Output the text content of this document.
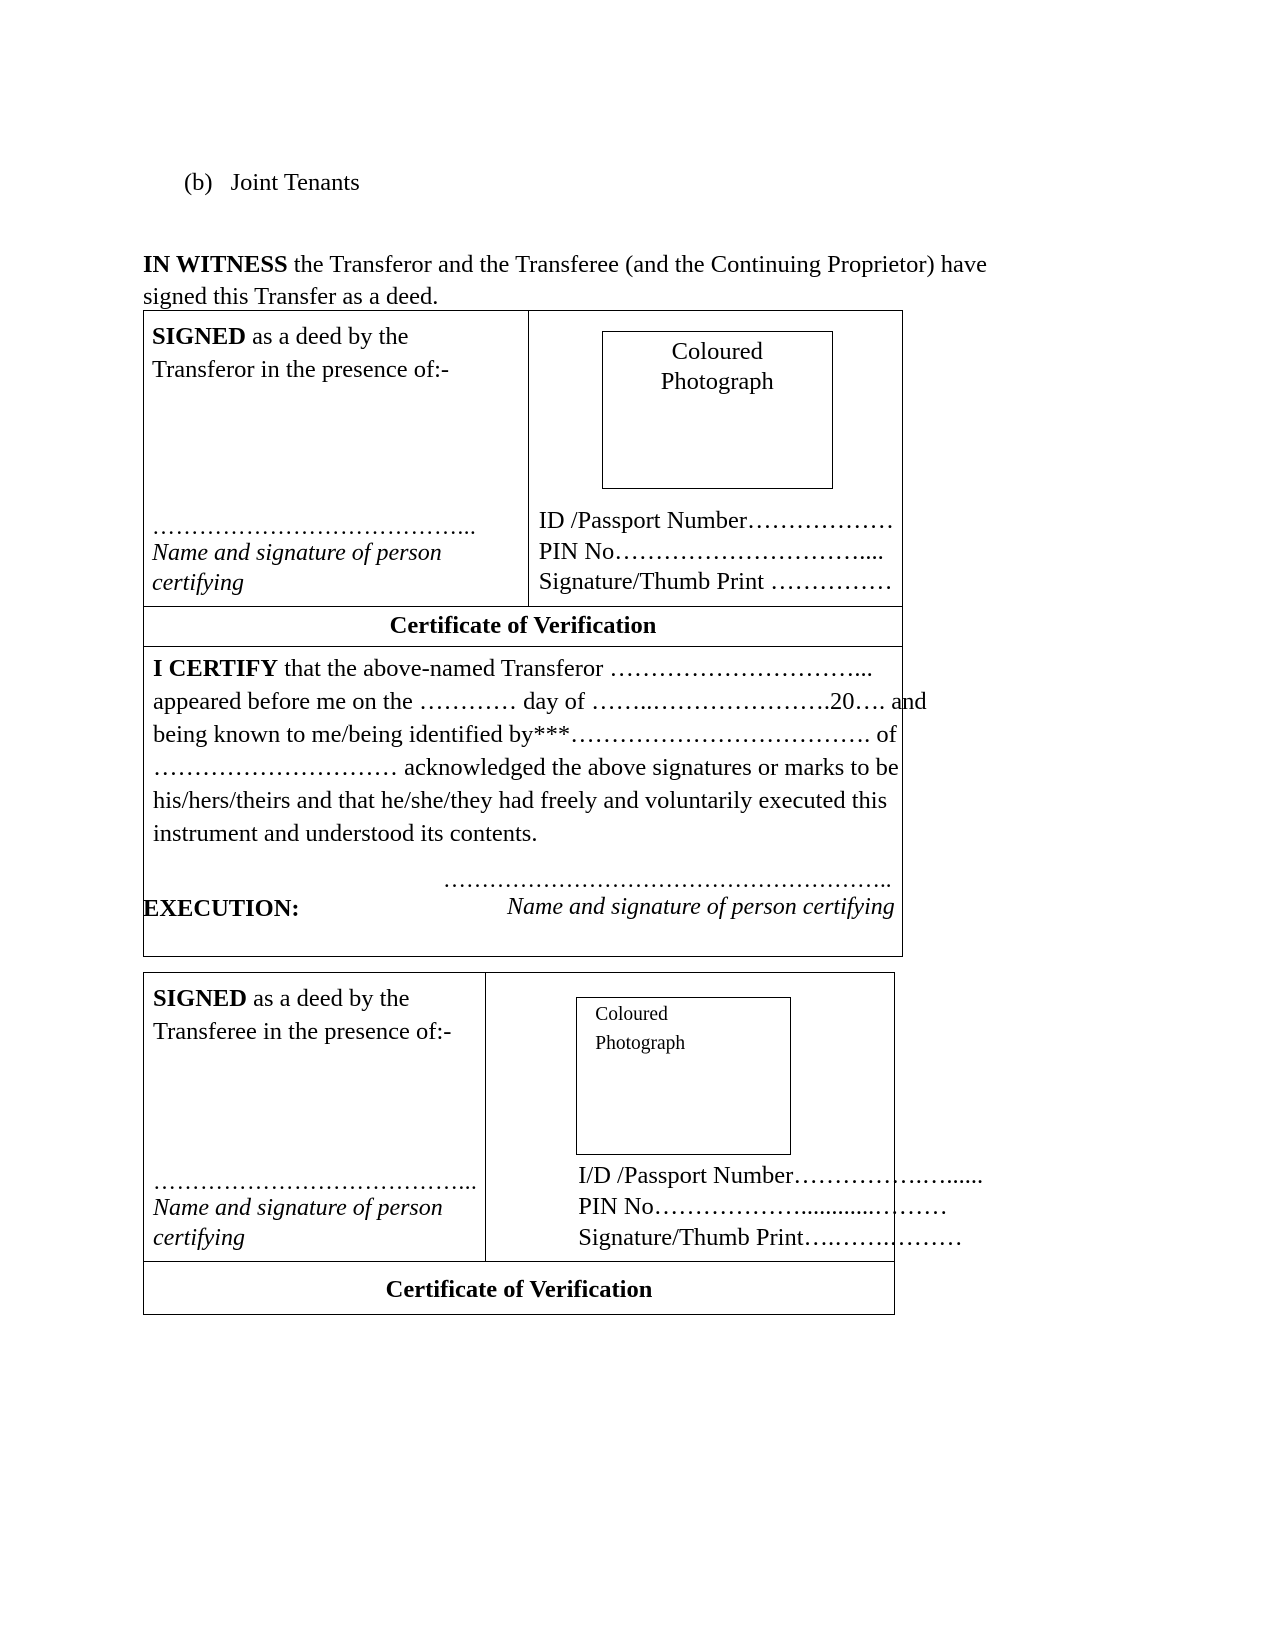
(b) Joint Tenants

IN WITNESS the Transferor and the Transferee (and the Continuing Proprietor) have signed this Transfer as a deed.

SIGNED as a deed by the
Transferor in the presence of:-
…………………………………...
Name and signature of person
certifying
Coloured
Photograph
ID /Passport Number………………
PIN No…………………………....
Signature/Thumb Print ……………
Certificate of Verification
I CERTIFY that the above-named Transferor …………………………...
appeared before me on the ………… day of ……..………………….20…. and
being known to me/being identified by***………………………………. of
………………………… acknowledged the above signatures or marks to be
his/hers/theirs and that he/she/they had freely and voluntarily executed this
instrument and understood its contents.
…………………………………………………..
Name and signature of person certifying
EXECUTION:
SIGNED as a deed by the
Transferee in the presence of:-
…………………………………...
Name and signature of person
certifying
Coloured
Photograph
I/D /Passport Number…………….…......
PIN No………………............………
Signature/Thumb Print….…….………
Certificate of Verification
